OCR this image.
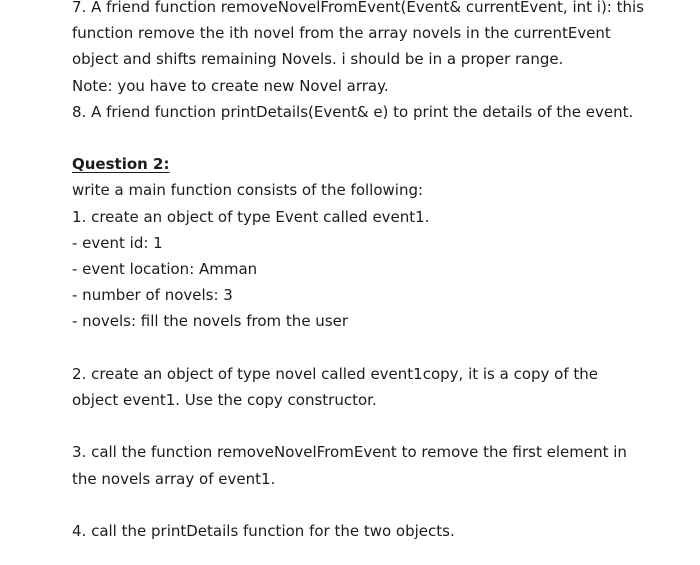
7. A friend function removeNovelFromEvent(Event& currentEvent, int i): this
function remove the ith novel from the array novels in the currentEvent
object and shifts remaining Novels. i should be in a proper range.
Note: you have to create new Novel array.
8. A friend function printDetails(Event& e) to print the details of the event.
Question 2:
write a main function consists of the following:
1. create an object of type Event called event1.
- event id: 1
- event location: Amman
- number of novels: 3
- novels: fill the novels from the user
2. create an object of type novel called event1copy, it is a copy of the
object event1. Use the copy constructor.
3. call the function removeNovelFromEvent to remove the first element in
the novels array of event1.
4. call the printDetails function for the two objects.
